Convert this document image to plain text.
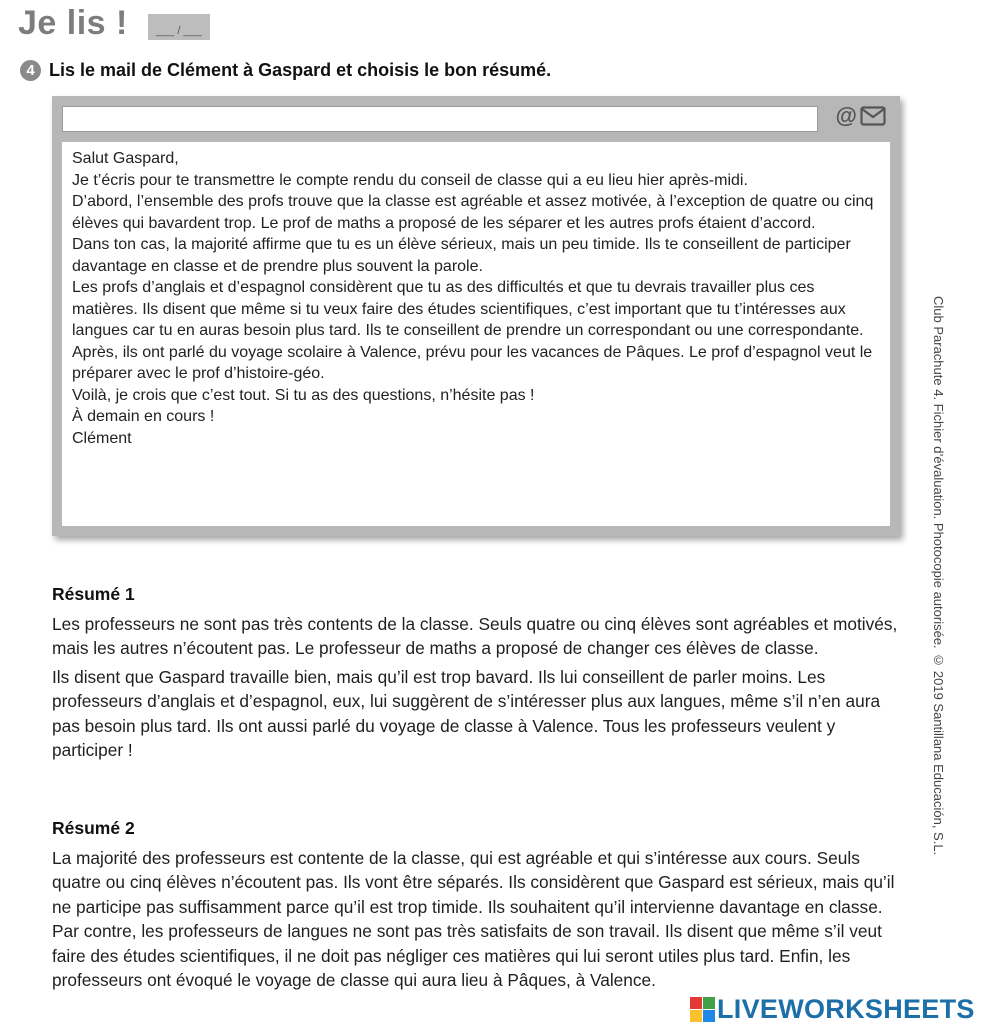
Je lis !	___ / ___
4 Lis le mail de Clément à Gaspard et choisis le bon résumé.
@

Salut Gaspard,

Je t’écris pour te transmettre le compte rendu du conseil de classe qui a eu lieu hier après-midi.

D’abord, l’ensemble des profs trouve que la classe est agréable et assez motivée, à l’exception de quatre ou cinq élèves qui bavardent trop. Le prof de maths a proposé de les séparer et les autres profs étaient d’accord.

Dans ton cas, la majorité affirme que tu es un élève sérieux, mais un peu timide. Ils te conseillent de participer davantage en classe et de prendre plus souvent la parole.

Les profs d’anglais et d’espagnol considèrent que tu as des difficultés et que tu devrais travailler plus ces matières. Ils disent que même si tu veux faire des études scientifiques, c’est important que tu t’intéresses aux langues car tu en auras besoin plus tard. Ils te conseillent de prendre un correspondant ou une correspondante.

Après, ils ont parlé du voyage scolaire à Valence, prévu pour les vacances de Pâques. Le prof d’espagnol veut le préparer avec le prof d’histoire-géo.

Voilà, je crois que c’est tout. Si tu as des questions, n’hésite pas !

À demain en cours !

Clément

Résumé 1

Les professeurs ne sont pas très contents de la classe. Seuls quatre ou cinq élèves sont agréables et motivés, mais les autres n’écoutent pas. Le professeur de maths a proposé de changer ces élèves de classe.

Ils disent que Gaspard travaille bien, mais qu’il est trop bavard. Ils lui conseillent de parler moins. Les professeurs d’anglais et d’espagnol, eux, lui suggèrent de s’intéresser plus aux langues, même s’il n’en aura pas besoin plus tard. Ils ont aussi parlé du voyage de classe à Valence. Tous les professeurs veulent y participer !

Résumé 2

La majorité des professeurs est contente de la classe, qui est agréable et qui s’intéresse aux cours. Seuls quatre ou cinq élèves n’écoutent pas. Ils vont être séparés. Ils considèrent que Gaspard est sérieux, mais qu’il ne participe pas suffisamment parce qu’il est trop timide. Ils souhaitent qu’il intervienne davantage en classe. Par contre, les professeurs de langues ne sont pas très satisfaits de son travail. Ils disent que même s’il veut faire des études scientifiques, il ne doit pas négliger ces matières qui lui seront utiles plus tard. Enfin, les professeurs ont évoqué le voyage de classe qui aura lieu à Pâques, à Valence.

Club Parachute 4. Fichier d’évaluation. Photocopie autorisée. © 2019 Santillana Educación, S.L.
LIVEWORKSHEETS
